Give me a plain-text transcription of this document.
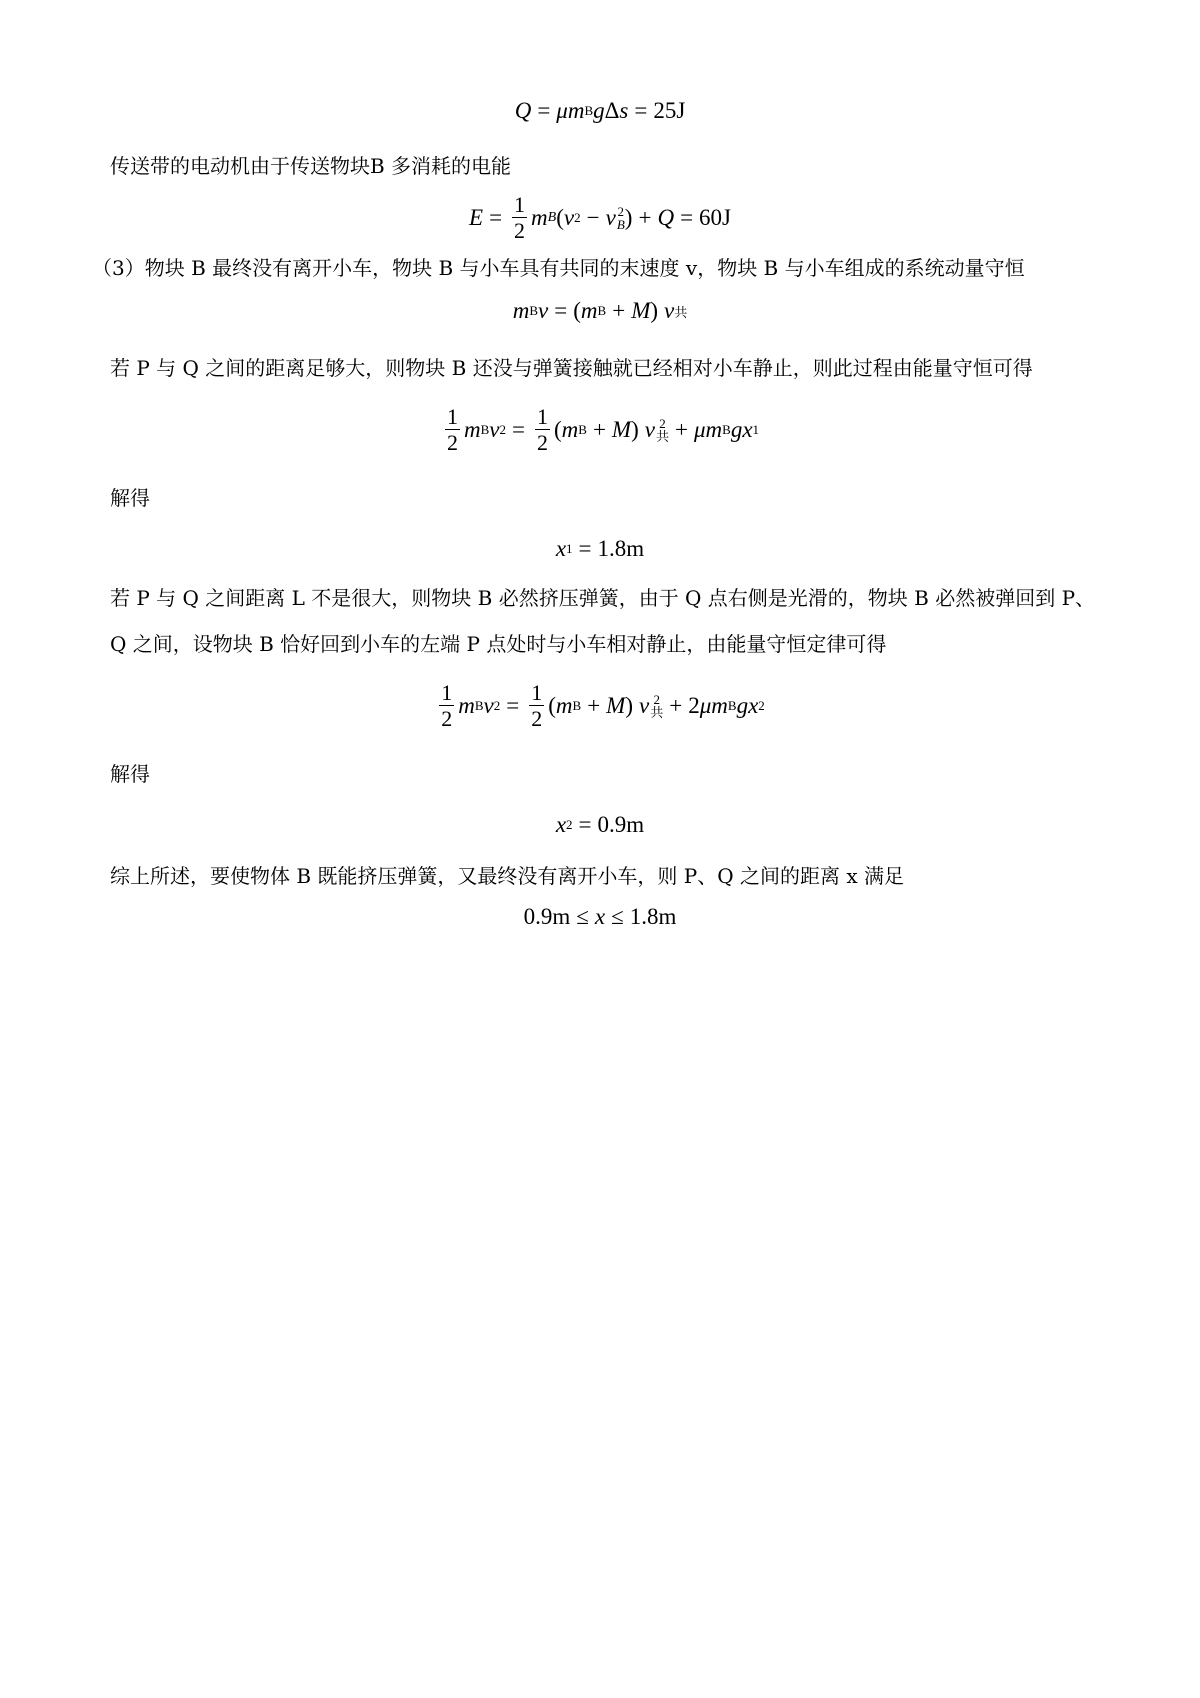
Q = μm B g Δ s = 25J
传送带的电动机由于传送物块B 多消耗的电能
$E = \frac{1}{2}$ m B ( v 2 − v 2
B ) + Q = 60J
（3）物块 B 最终没有离开小车，物块 B 与小车具有共同的末速度 v，物块 B 与小车组成的系统动量守恒
m B v = ( m B + M ) v 共
若 P 与 Q 之间的距离足够大，则物块 B 还没与弹簧接触就已经相对小车静止，则此过程由能量守恒可得
$\frac{1}{2}$ m B v $2 = \frac{1}{2}$ ( m B + M ) v 2
共 + μm B gx 1
解得
x 1 = 1.8m
若 P 与 Q 之间距离 L 不是很大，则物块 B 必然挤压弹簧，由于 Q 点右侧是光滑的，物块 B 必然被弹回到 P、
Q 之间，设物块 B 恰好回到小车的左端 P 点处时与小车相对静止，由能量守恒定律可得
$\frac{1}{2}$ m B v $2 = \frac{1}{2}$ ( m B + M ) v 2
共 + 2 μm B gx 2
解得
x 2 = 0.9m
综上所述，要使物体 B 既能挤压弹簧，又最终没有离开小车，则 P、Q 之间的距离 x 满足
0.9m ≤ x ≤ 1.8m
